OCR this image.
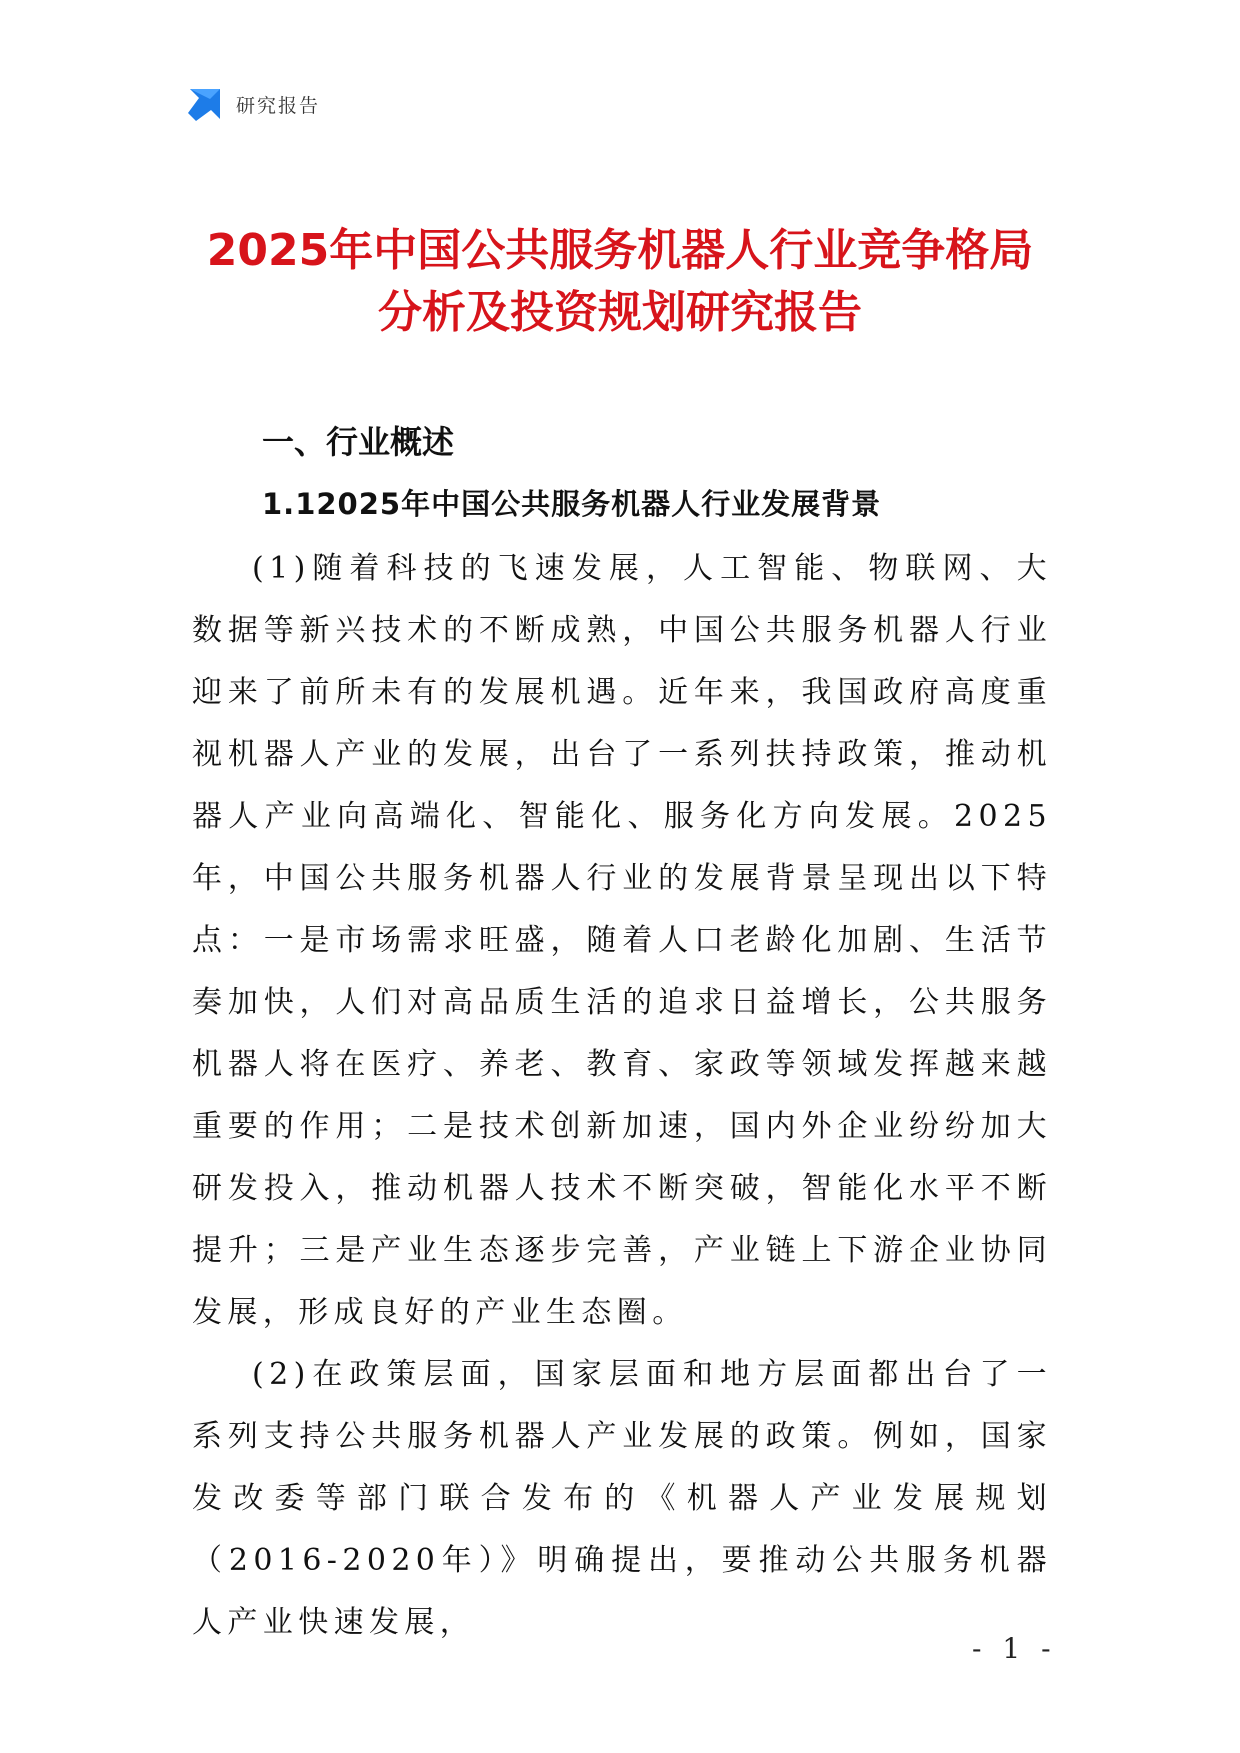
研究报告
2025年中国公共服务机器人行业竞争格局
分析及投资规划研究报告
一、行业概述
1.12025年中国公共服务机器人行业发展背景

(1)随着科技的飞速发展，人工智能、物联网、大数据等新兴技术的不断成熟，中国公共服务机器人行业迎来了前所未有的发展机遇。近年来，我国政府高度重视机器人产业的发展，出台了一系列扶持政策，推动机器人产业向高端化、智能化、服务化方向发展。2025年，中国公共服务机器人行业的发展背景呈现出以下特点：一是市场需求旺盛，随着人口老龄化加剧、生活节奏加快，人们对高品质生活的追求日益增长，公共服务机器人将在医疗、养老、教育、家政等领域发挥越来越重要的作用；二是技术创新加速，国内外企业纷纷加大研发投入，推动机器人技术不断突破，智能化水平不断提升；三是产业生态逐步完善，产业链上下游企业协同发展，形成良好的产业生态圈。

(2)在政策层面，国家层面和地方层面都出台了一系列支持公共服务机器人产业发展的政策。例如，国家发改委等部门联合发布的《机器人产业发展规划（2016-2020年）》明确提出，要推动公共服务机器人产业快速发展，

- 1 -
